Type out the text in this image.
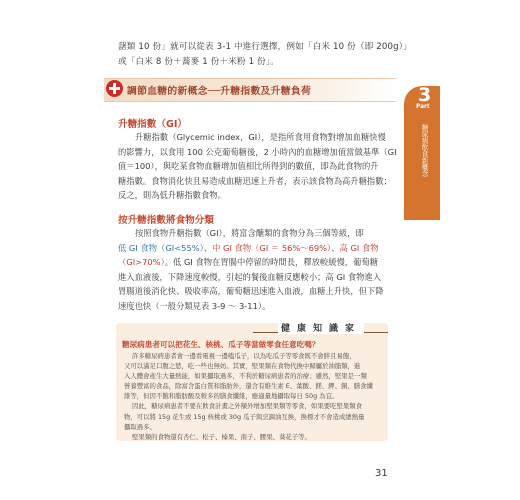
藷類 10 份」就可以從表 3-1 中進行選擇，例如「白米 10 份（即 200g）」
或「白米 8 份＋蕎麥 1 份＋米粉 1 份」。
調節血糖的新概念──升糖指數及升糖負荷
升糖指數（GI）
升糖指數（Glycemic index，GI），是指所食用食物對增加血糖快慢
的影響力，以食用 100 公克葡萄糖後，2 小時內的血糖增加值當做基準（GI
值＝100），與吃某食物血糖增加值相比所得到的數值，即為此食物的升
糖指數。食物消化快且易造成血糖迅速上升者，表示該食物為高升糖指數；
反之，則為低升糖指數食物。
按升糖指數將食物分類
按照食物升糖指數（GI），將富含醣類的食物分為三個等級，即
低 GI 食物（GI<55%）、中 GI 食物（GI ＝ 56%～69%）、高 GI 食物
（GI>70%）。低 GI 食物在胃腸中停留的時間長，釋放較緩慢，葡萄糖
進入血液後，下降速度較慢，引起的餐後血糖反應較小；高 GI 食物進入
胃腸道後消化快、吸收率高，葡萄糖迅速進入血液，血糖上升快，但下降
速度也快（一般分類見表 3-9 ～ 3-11）。
3
Part
糖尿病飲食新概念
健康知識家
糖尿病患者可以把花生、核桃、瓜子等當做零食任意吃嗎？
許多糖尿病患者會一邊看電視一邊嗑瓜子，以為吃瓜子等零食既不會胖且易飽，
又可以滿足口腹之慾，吃一些也無妨。其實，堅果類在食物代換中歸屬於油脂類，進
入人體會產生大量熱能，如果攝取過多，不利於糖尿病患者的治療；雖然，堅果是一類
營養豐富的食品，除富含蛋白質和脂肪外，還含有維生素 E、葉酸、鎂、鉀、銅、膳食纖
維等，但因不飽和脂肪酸及較多的膳食纖維，應適量地攝取每日 50g 為宜。
因此，糖尿病患者不要在飲食計畫之外額外增加堅果類等零食，如果要吃堅果類食
物，可以將 15g 花生或 15g 核桃或 30g 瓜子與烹調油互換，換標才不會造成總熱量
攝取過多。
堅果類的食物還有杏仁、松子、榛果、南子、腰果、葵花子等。
31
